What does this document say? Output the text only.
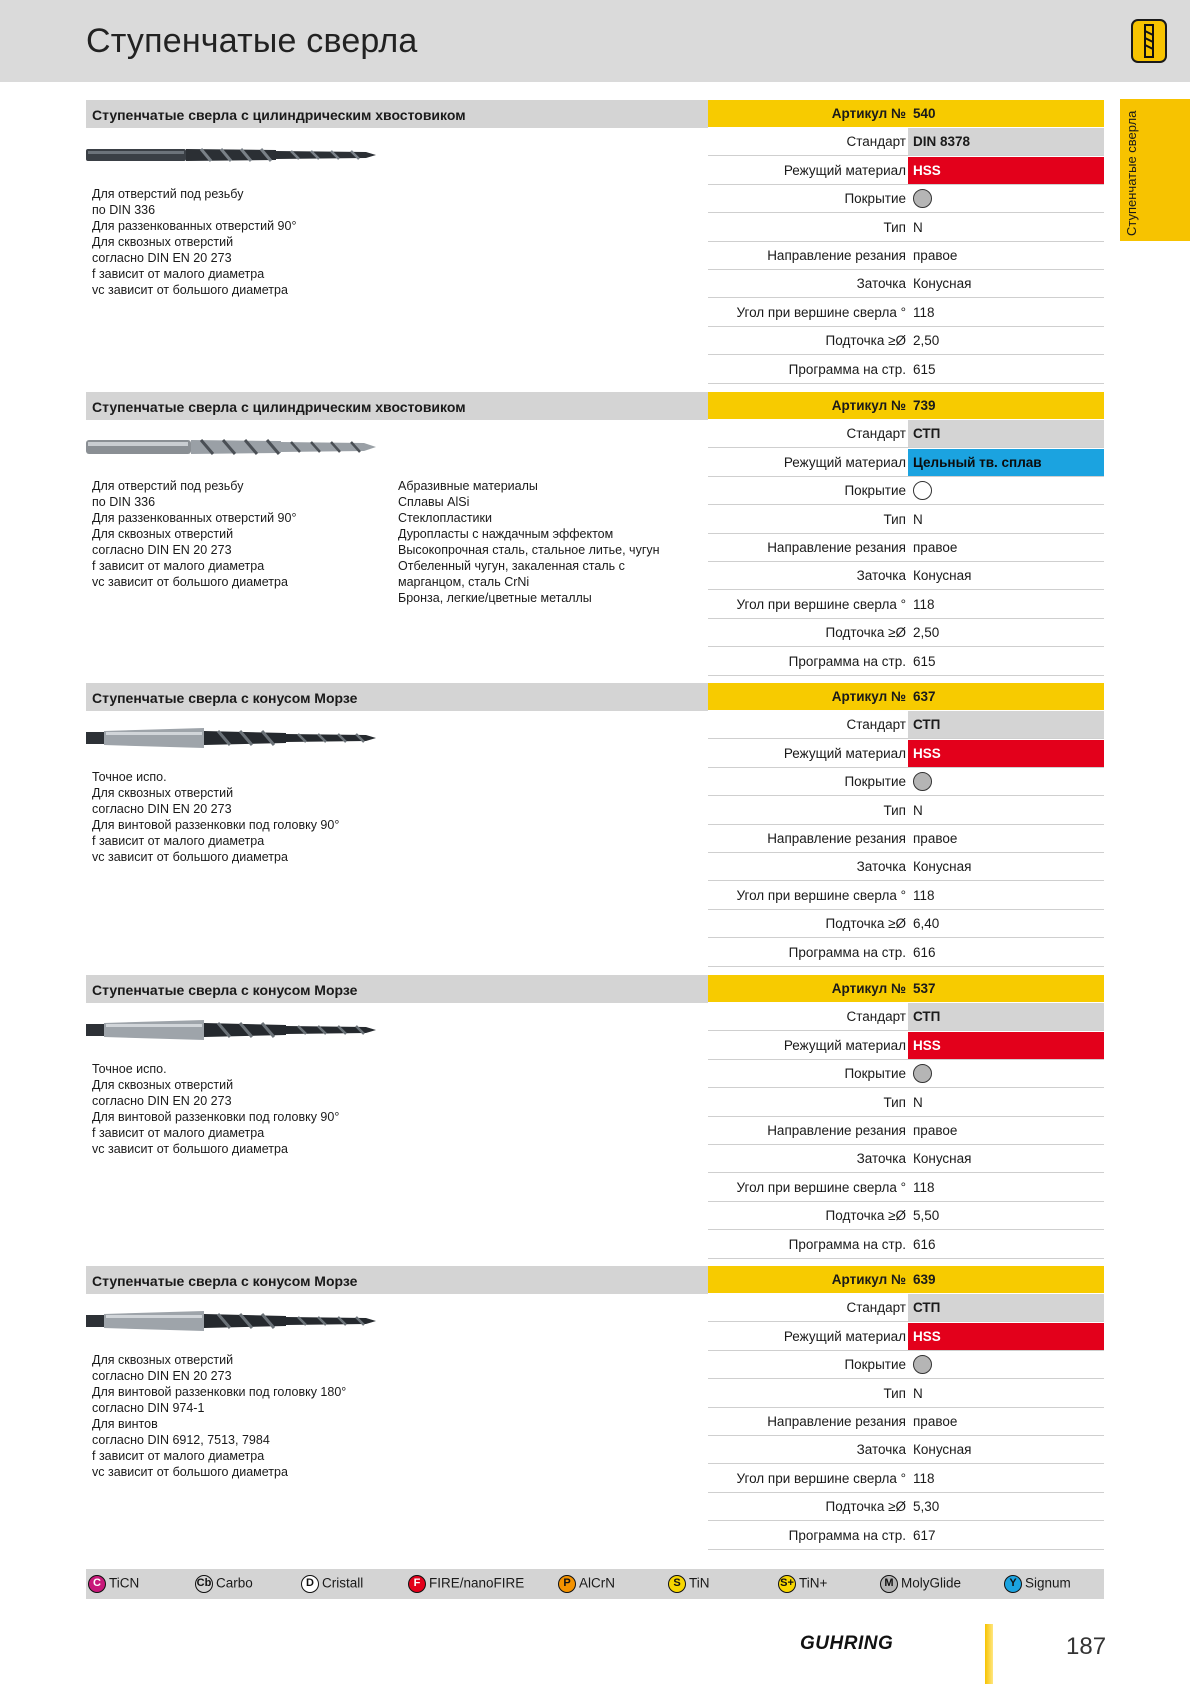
Ступенчатые сверла
Ступенчатые сверла
Ступенчатые сверла с цилиндрическим хвостовиком
Для отверстий под резьбу
по DIN 336
Для раззенкованных отверстий 90°
Для сквозных отверстий
согласно DIN EN 20 273
f зависит от малого диаметра
vc зависит от большого диаметра
Артикул № 540
Стандарт DIN 8378
Режущий материал HSS
Покрытие
Тип N
Направление резания правое
Заточка Конусная
Угол при вершине сверла ° 118
Подточка ≥Ø 2,50
Программа на стр. 615
Ступенчатые сверла с цилиндрическим хвостовиком
Для отверстий под резьбу
по DIN 336
Для раззенкованных отверстий 90°
Для сквозных отверстий
согласно DIN EN 20 273
f зависит от малого диаметра
vc зависит от большого диаметра
Абразивные материалы
Сплавы AlSi
Стеклопластики
Дуропласты с наждачным эффектом
Высокопрочная сталь, стальное литье, чугун
Отбеленный чугун, закаленная сталь с
марганцом, сталь CrNi
Бронза, легкие/цветные металлы
Артикул № 739
Стандарт СТП
Режущий материал Цельный тв. сплав
Покрытие
Тип N
Направление резания правое
Заточка Конусная
Угол при вершине сверла ° 118
Подточка ≥Ø 2,50
Программа на стр. 615
Ступенчатые сверла с конусом Морзе
Точное испо.
Для сквозных отверстий
согласно DIN EN 20 273
Для винтовой раззенковки под головку 90°
f зависит от малого диаметра
vc зависит от большого диаметра
Артикул № 637
Стандарт СТП
Режущий материал HSS
Покрытие
Тип N
Направление резания правое
Заточка Конусная
Угол при вершине сверла ° 118
Подточка ≥Ø 6,40
Программа на стр. 616
Ступенчатые сверла с конусом Морзе
Точное испо.
Для сквозных отверстий
согласно DIN EN 20 273
Для винтовой раззенковки под головку 90°
f зависит от малого диаметра
vc зависит от большого диаметра
Артикул № 537
Стандарт СТП
Режущий материал HSS
Покрытие
Тип N
Направление резания правое
Заточка Конусная
Угол при вершине сверла ° 118
Подточка ≥Ø 5,50
Программа на стр. 616
Ступенчатые сверла с конусом Морзе
Для сквозных отверстий
согласно DIN EN 20 273
Для винтовой раззенковки под головку 180°
согласно DIN 974-1
Для винтов
согласно DIN 6912, 7513, 7984
f зависит от малого диаметра
vc зависит от большого диаметра
Артикул № 639
Стандарт СТП
Режущий материал HSS
Покрытие
Тип N
Направление резания правое
Заточка Конусная
Угол при вершине сверла ° 118
Подточка ≥Ø 5,30
Программа на стр. 617
C TiCN	Cb Carbo	D Cristall	F FIRE/nanoFIRE	P AlCrN	S TiN	S+ TiN+	M MolyGlide	Y Signum
GUHRING	187
